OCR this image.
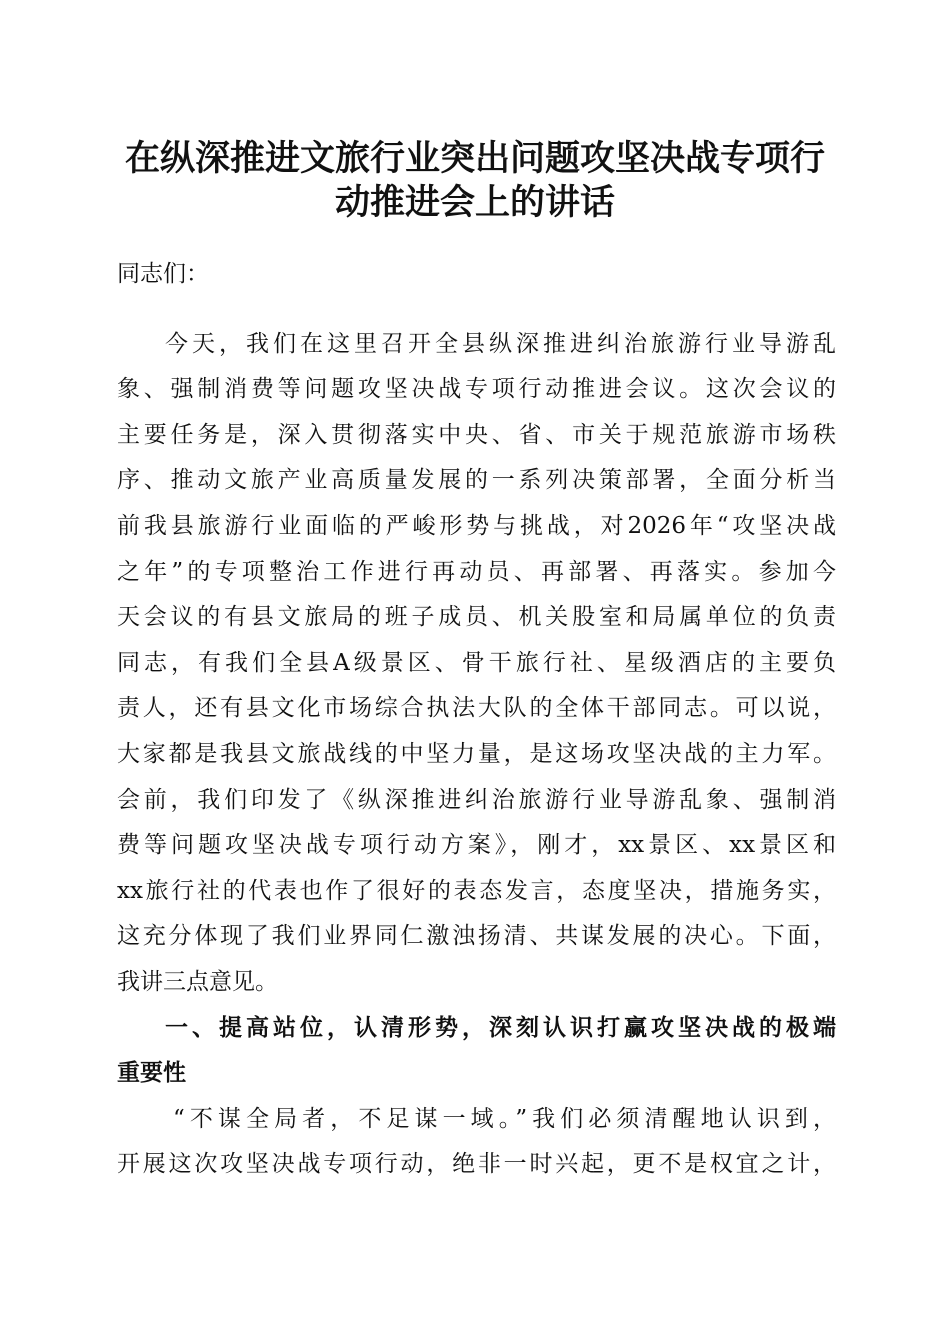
在纵深推进文旅行业突出问题攻坚决战专项行
动推进会上的讲话
同志们：
今天，我们在这里召开全县纵深推进纠治旅游行业导游乱
象、强制消费等问题攻坚决战专项行动推进会议。这次会议的
主要任务是，深入贯彻落实中央、省、市关于规范旅游市场秩
序、推动文旅产业高质量发展的一系列决策部署，全面分析当
前我县旅游行业面临的严峻形势与挑战，对2026年“攻坚决战
之年”的专项整治工作进行再动员、再部署、再落实。参加今
天会议的有县文旅局的班子成员、机关股室和局属单位的负责
同志，有我们全县A级景区、骨干旅行社、星级酒店的主要负
责人，还有县文化市场综合执法大队的全体干部同志。可以说，
大家都是我县文旅战线的中坚力量，是这场攻坚决战的主力军。
会前，我们印发了《纵深推进纠治旅游行业导游乱象、强制消
费等问题攻坚决战专项行动方案》，刚才，xx景区、xx景区和
xx旅行社的代表也作了很好的表态发言，态度坚决，措施务实，
这充分体现了我们业界同仁激浊扬清、共谋发展的决心。下面，
我讲三点意见。
一、提高站位，认清形势，深刻认识打赢攻坚决战的极端
重要性
“不谋全局者，不足谋一域。”我们必须清醒地认识到，
开展这次攻坚决战专项行动，绝非一时兴起，更不是权宜之计，
